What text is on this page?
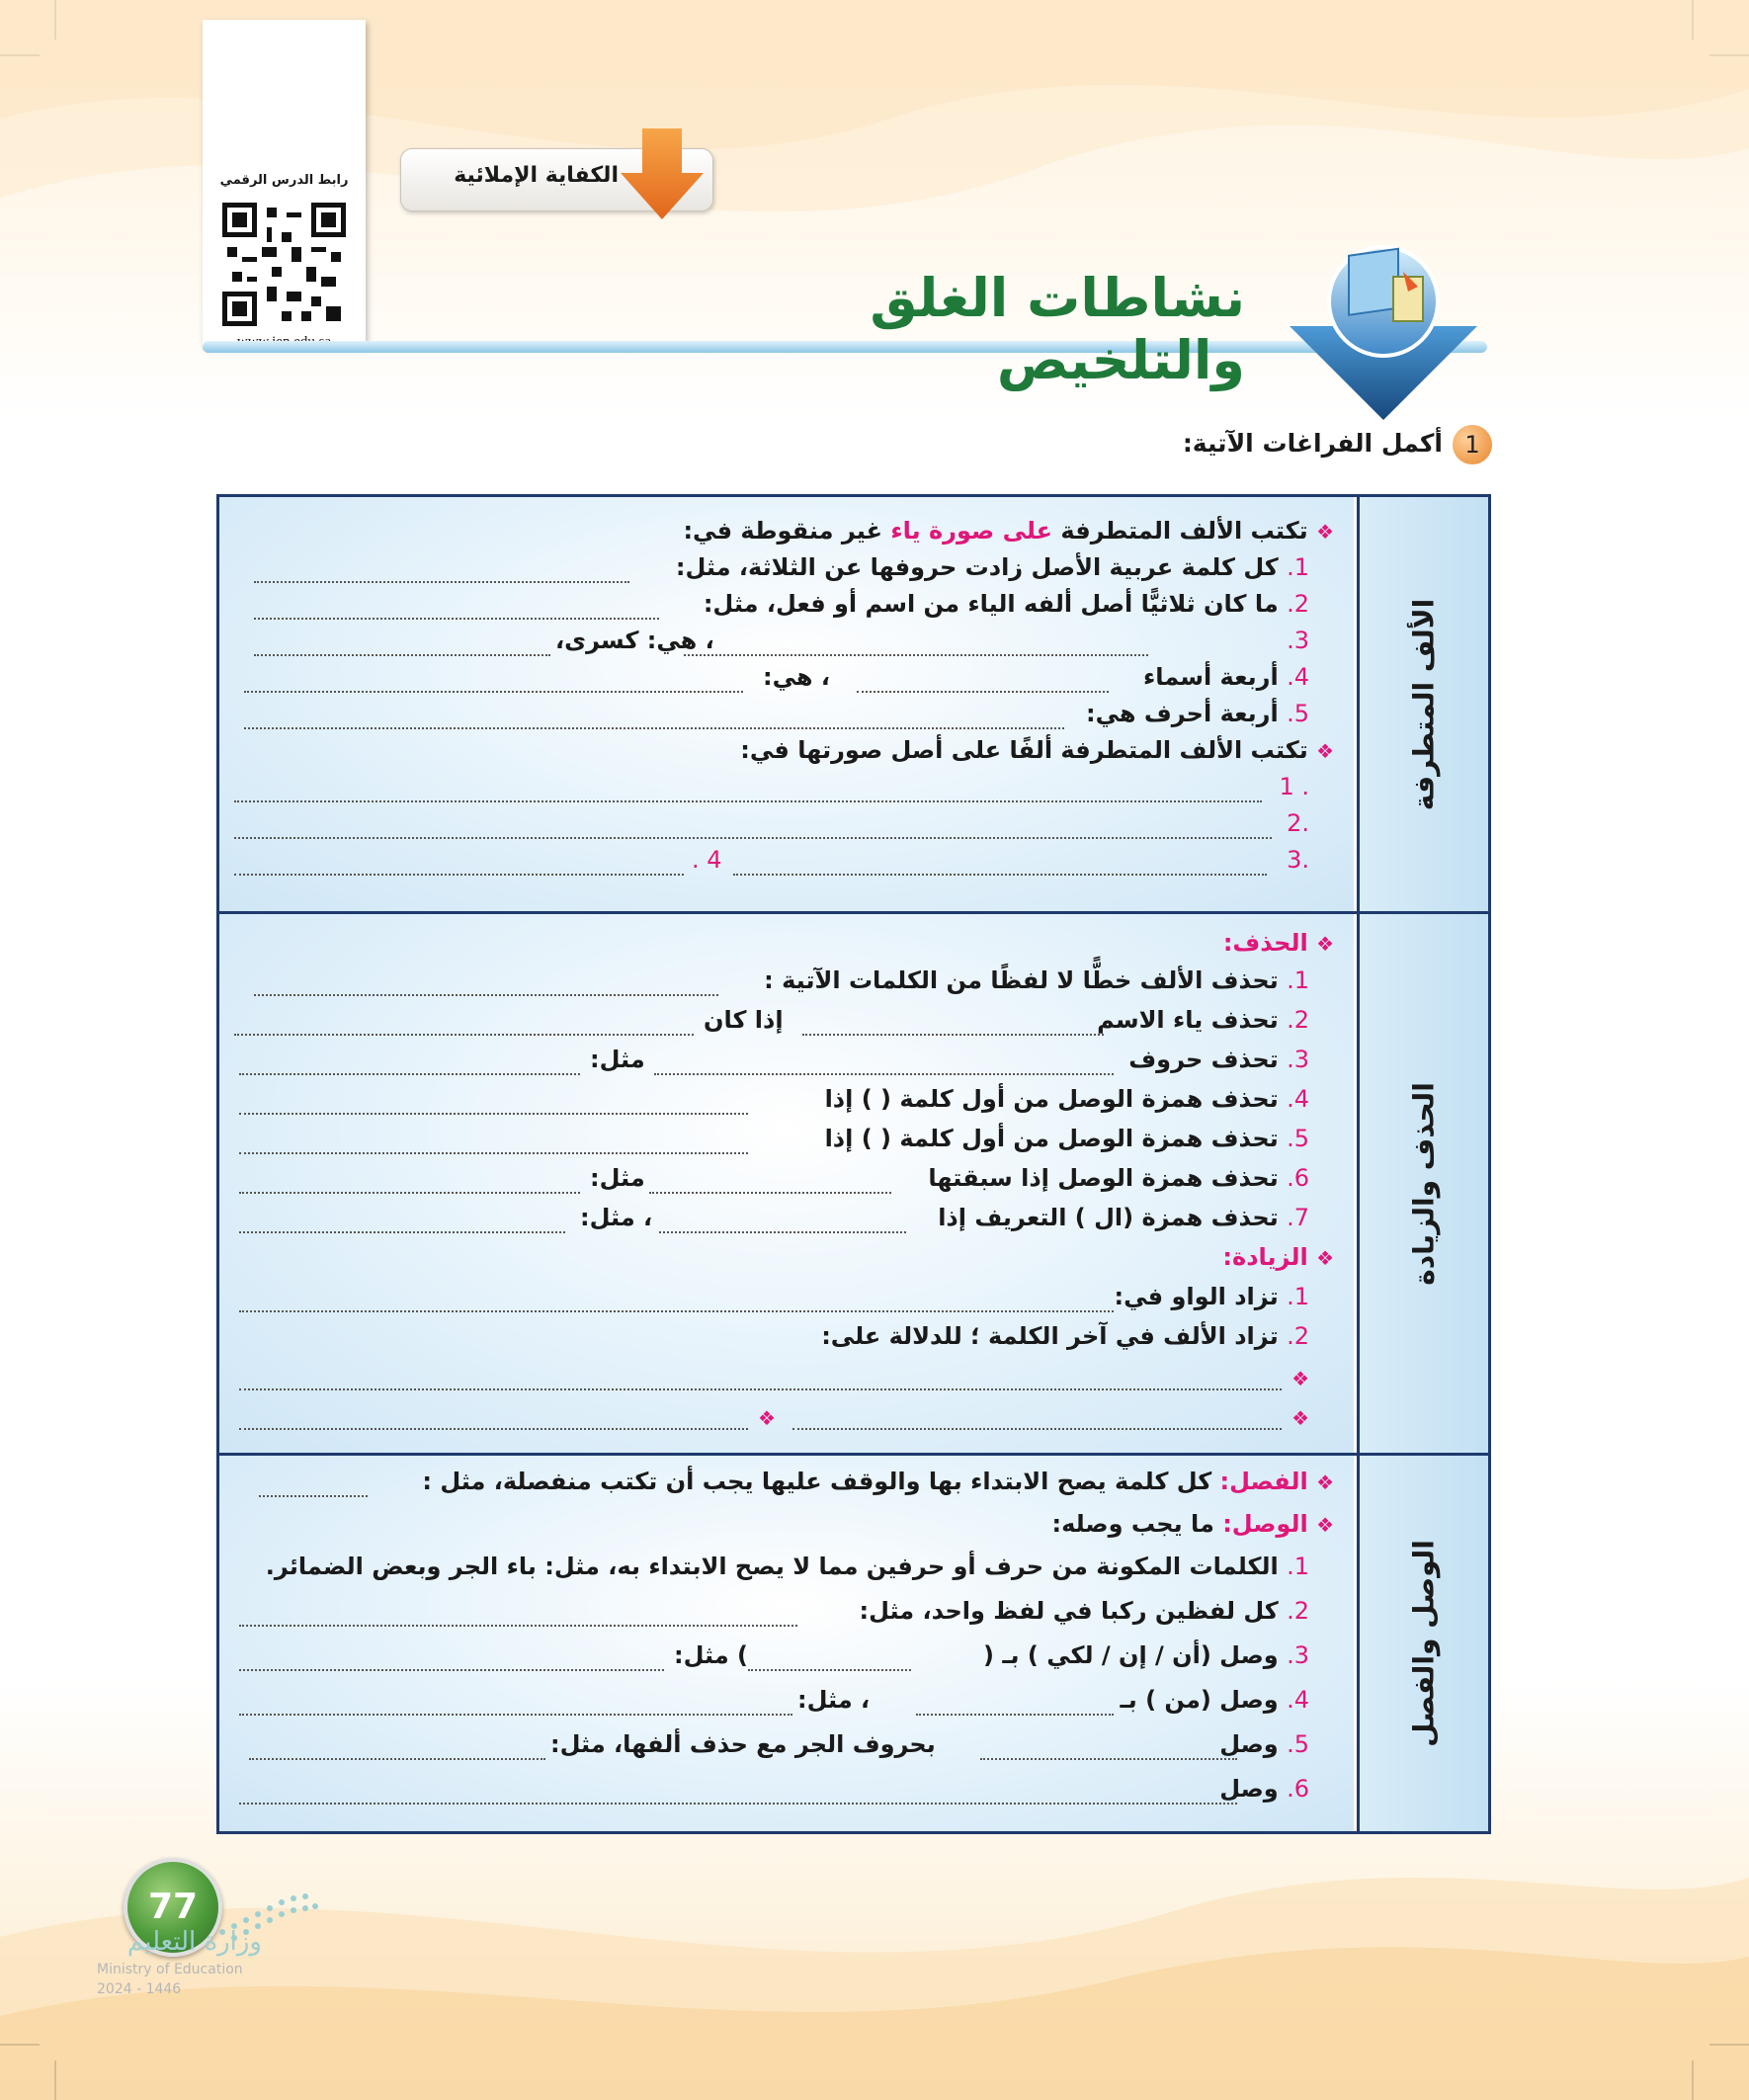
رابط الدرس الرقمي	الكفاية الإملائية
نشاطات الغلق والتلخيص
1
أكمل الفراغات الآتية:
❖ تكتب الألف المتطرفة على صورة ياء غير منقوطة في:
1. كل كلمة عربية الأصل زادت حروفها عن الثلاثة، مثل:
2. ما كان ثلاثيًّا أصل ألفه الياء من اسم أو فعل، مثل:
3.
، هي: كسرى،
4. أربعة أسماء
، هي:
5. أربعة أحرف هي:
❖ تكتب الألف المتطرفة ألفًا على أصل صورتها في:
. 1
.2
.3
4 .
الألف المتطرفة
❖ الحذف:
1. تحذف الألف خطًّا لا لفظًا من الكلمات الآتية :
2. تحذف ياء الاسم
إذا كان
3. تحذف حروف
مثل:
4. تحذف همزة الوصل من أول كلمة ( ) إذا
5. تحذف همزة الوصل من أول كلمة ( ) إذا
6. تحذف همزة الوصل إذا سبقتها
مثل:
7. تحذف همزة (ال ) التعريف إذا
، مثل:
❖ الزيادة:
1. تزاد الواو في:
2. تزاد الألف في آخر الكلمة ؛ للدلالة على:
❖
❖
❖
الحذف والزيادة
❖ الفصل: كل كلمة يصح الابتداء بها والوقف عليها يجب أن تكتب منفصلة، مثل :
❖ الوصل: ما يجب وصله:
1. الكلمات المكونة من حرف أو حرفين مما لا يصح الابتداء به، مثل: باء الجر وبعض الضمائر.
2. كل لفظين ركبا في لفظ واحد، مثل:
3. وصل (أن / إن / لكي ) بـ (
) مثل:
4. وصل (من ) بـ
، مثل:
5. وصل
بحروف الجر مع حذف ألفها، مثل:
6. وصل
الوصل والفصل
77
وزارة التعليم
Ministry of Education
2024 - 1446
